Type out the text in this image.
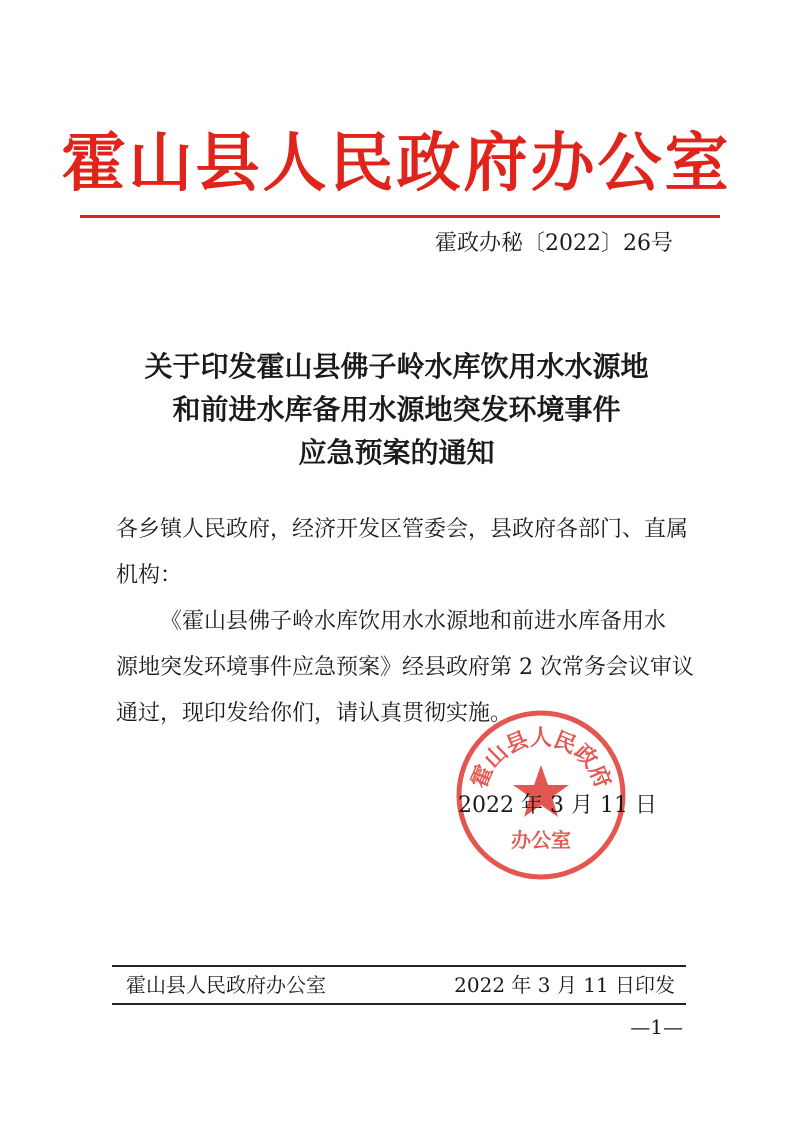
霍山县人民政府办公室
霍政办秘〔2022〕26号
关于印发霍山县佛子岭水库饮用水水源地
和前进水库备用水源地突发环境事件
应急预案的通知
各乡镇人民政府，经济开发区管委会，县政府各部门、直属
机构：
《霍山县佛子岭水库饮用水水源地和前进水库备用水
源地突发环境事件应急预案》经县政府第 2 次常务会议审议
通过，现印发给你们，请认真贯彻实施。
霍山县人民政府
办公室
2022 年 3 月 11 日
霍山县人民政府办公室	2022 年 3 月 11 日印发
—1—
